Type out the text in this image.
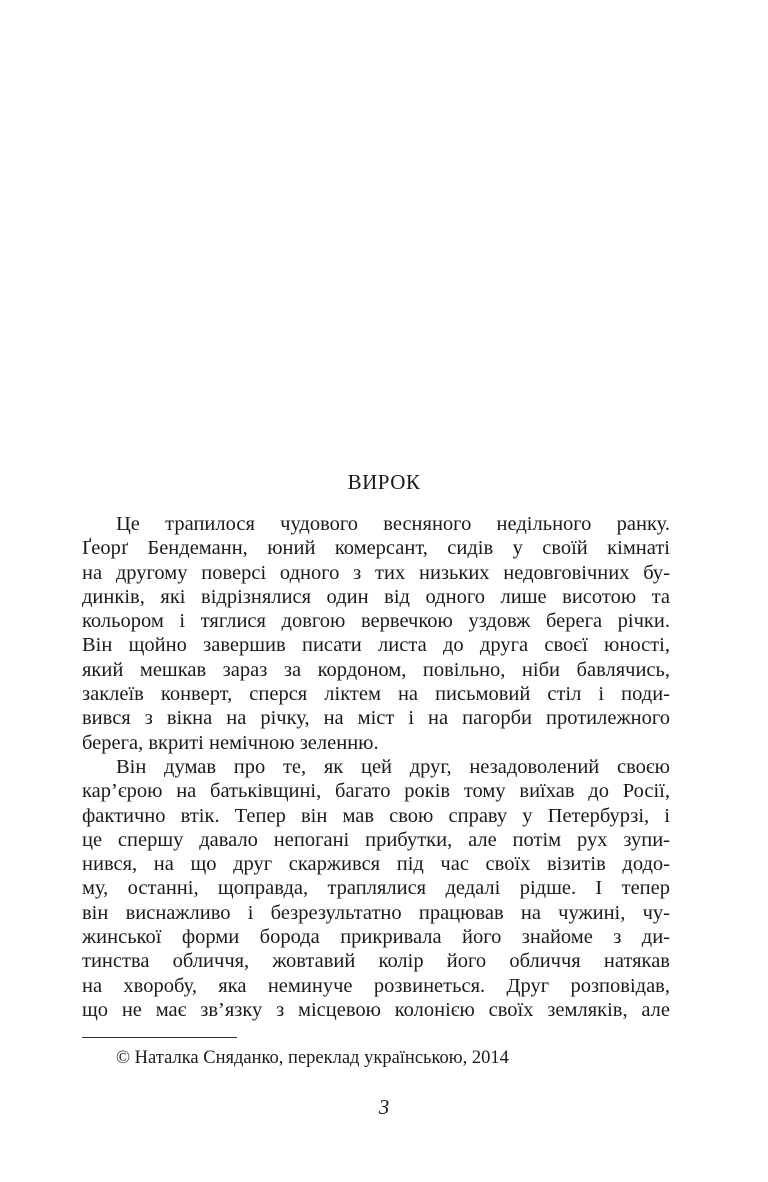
ВИРОК
Це трапилося чудового весняного недільного ранку.
Ґеорґ Бендеманн, юний комерсант, сидів у своїй кімнаті
на другому поверсі одного з тих низьких недовговічних бу-
динків, які відрізнялися один від одного лише висотою та
кольором і тяглися довгою вервечкою уздовж берега річки.
Він щойно завершив писати листа до друга своєї юності,
який мешкав зараз за кордоном, повільно, ніби бавлячись,
заклеїв конверт, сперся ліктем на письмовий стіл і поди-
вився з вікна на річку, на міст і на пагорби протилежного
берега, вкриті немічною зеленню.
Він думав про те, як цей друг, незадоволений своєю
кар’єрою на батьківщині, багато років тому виїхав до Росії,
фактично втік. Тепер він мав свою справу у Петербурзі, і
це спершу давало непогані прибутки, але потім рух зупи-
нився, на що друг скаржився під час своїх візитів додо-
му, останні, щоправда, траплялися дедалі рідше. І тепер
він виснажливо і безрезультатно працював на чужині, чу-
жинської форми борода прикривала його знайоме з ди-
тинства обличчя, жовтавий колір його обличчя натякав
на хворобу, яка неминуче розвинеться. Друг розповідав,
що не має зв’язку з місцевою колонією своїх земляків, але
© Наталка Сняданко, переклад українською, 2014
3
